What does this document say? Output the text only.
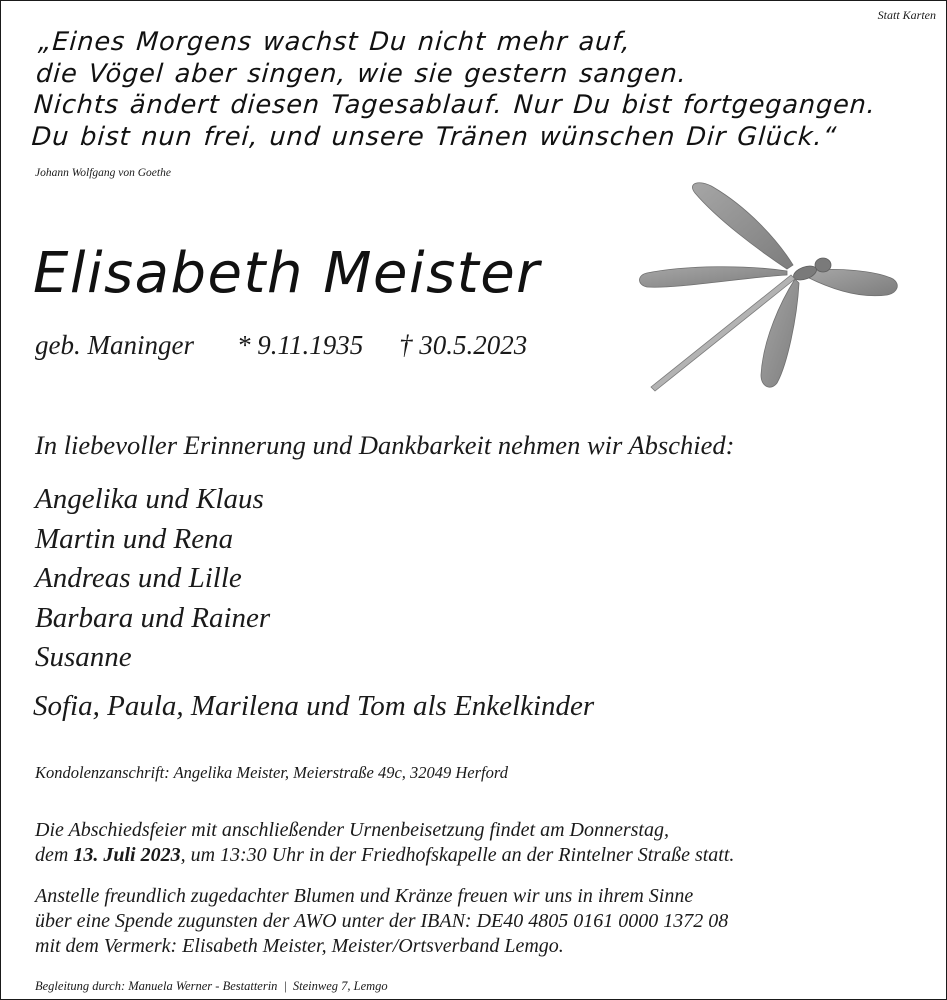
Statt Karten
„Eines Morgens wachst Du nicht mehr auf,
die Vögel aber singen, wie sie gestern sangen.
Nichts ändert diesen Tagesablauf. Nur Du bist fortgegangen.
Du bist nun frei, und unsere Tränen wünschen Dir Glück.“
Johann Wolfgang von Goethe
Elisabeth Meister
geb. Maninger * 9.11.1935 † 30.5.2023
In liebevoller Erinnerung und Dankbarkeit nehmen wir Abschied:
Angelika und Klaus
Martin und Rena
Andreas und Lille
Barbara und Rainer
Susanne
Sofia, Paula, Marilena und Tom als Enkelkinder
Kondolenzanschrift: Angelika Meister, Meierstraße 49c, 32049 Herford
Die Abschiedsfeier mit anschließender Urnenbeisetzung findet am Donnerstag,
dem 13. Juli 2023, um 13:30 Uhr in der Friedhofskapelle an der Rintelner Straße statt.
Anstelle freundlich zugedachter Blumen und Kränze freuen wir uns in ihrem Sinne
über eine Spende zugunsten der AWO unter der IBAN: DE40 4805 0161 0000 1372 08
mit dem Vermerk: Elisabeth Meister, Meister/Ortsverband Lemgo.
Begleitung durch: Manuela Werner - Bestatterin | Steinweg 7, Lemgo
